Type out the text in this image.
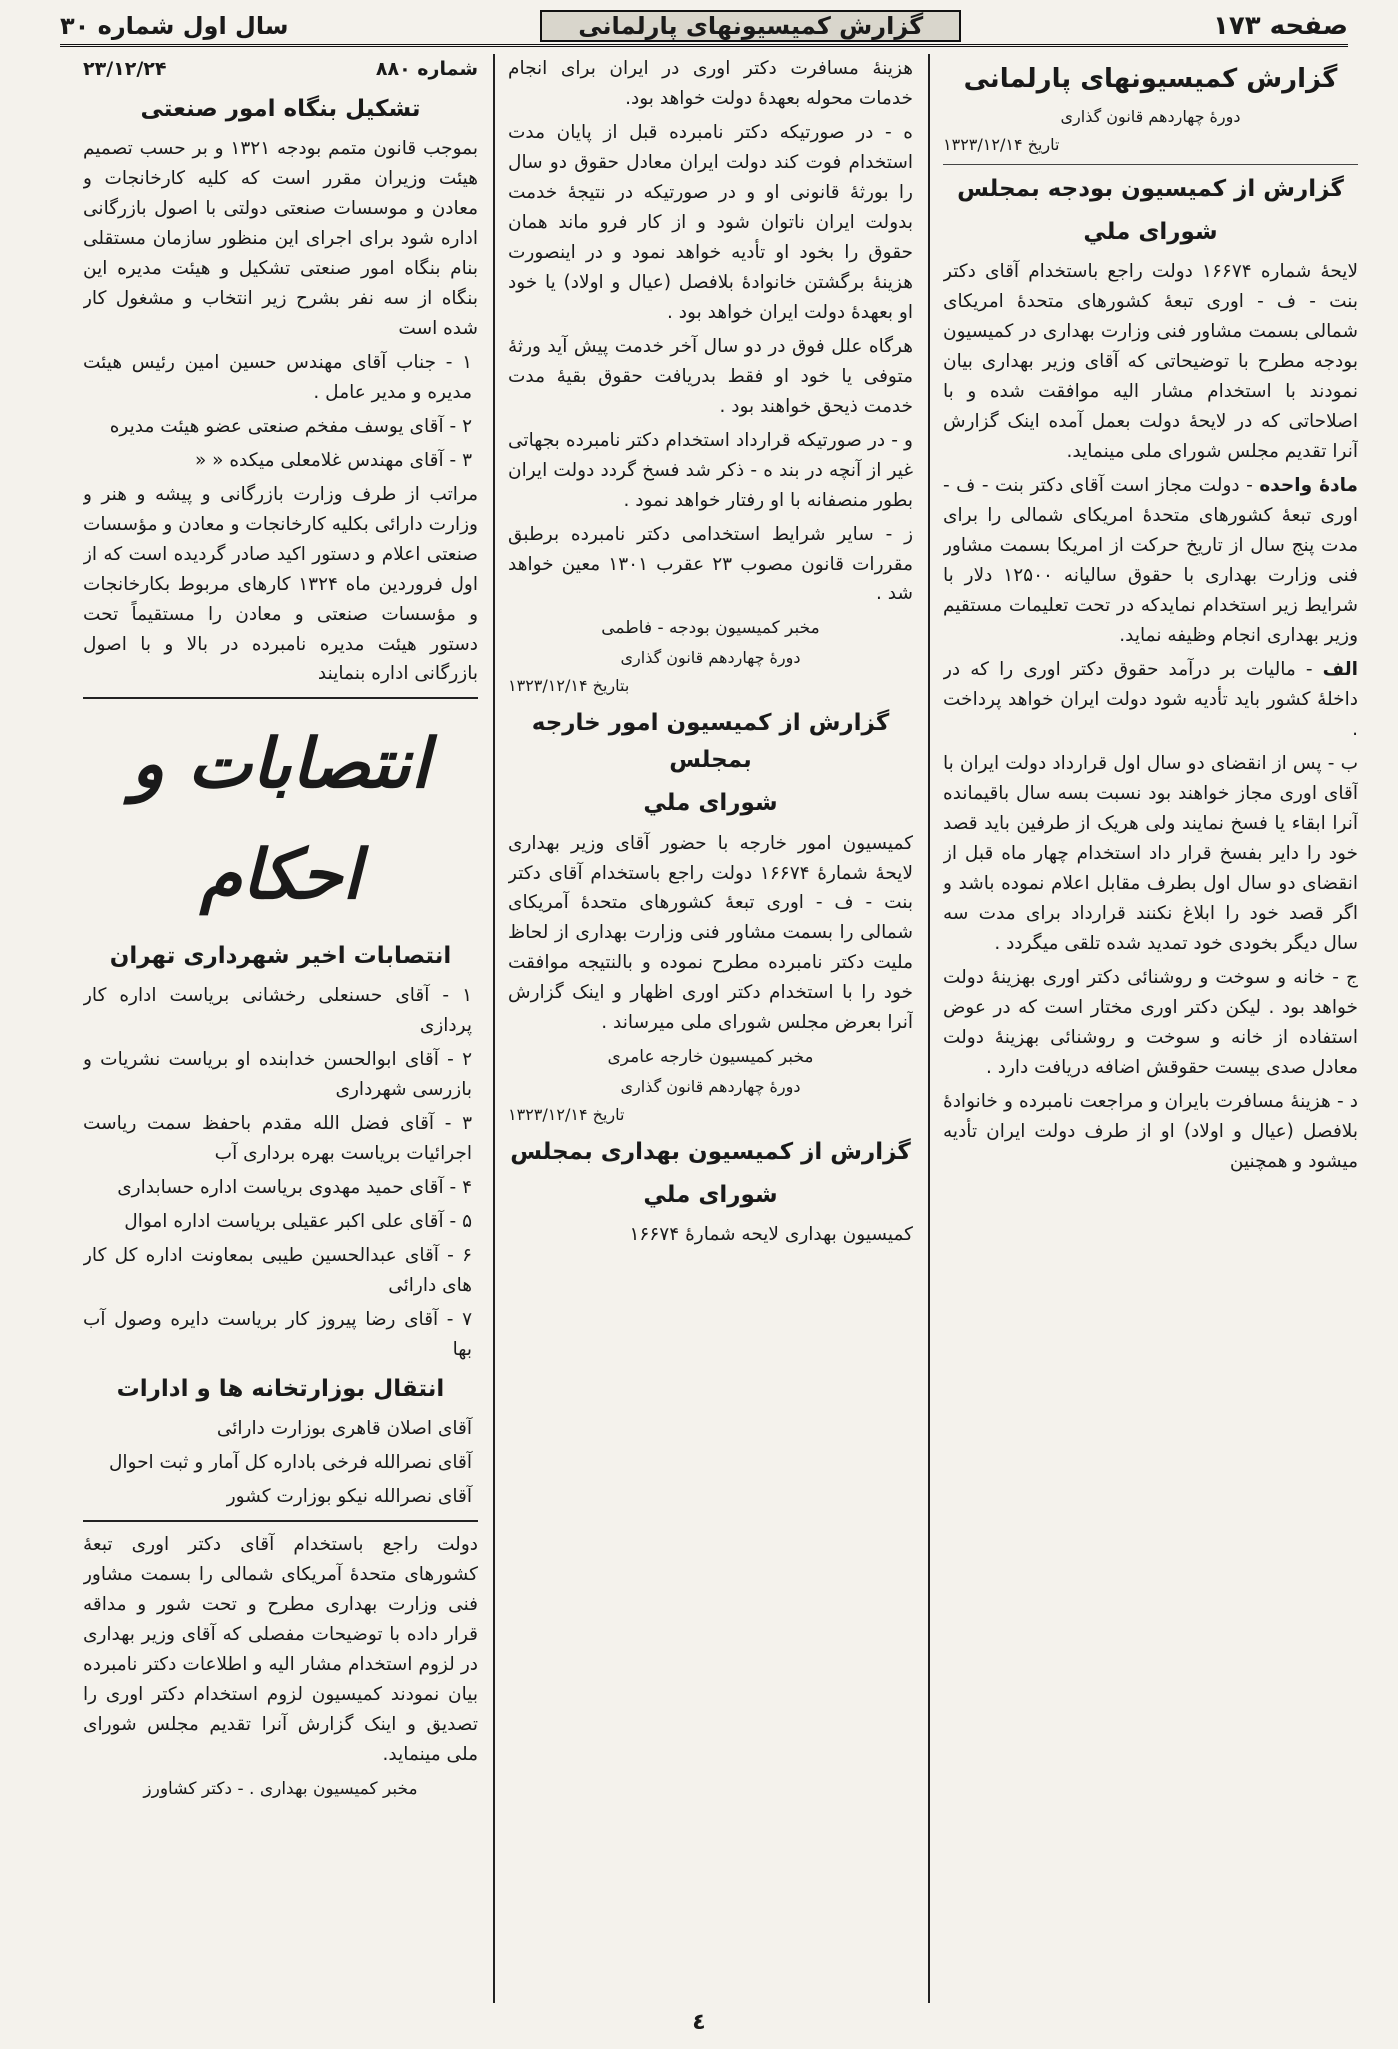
صفحه ۱۷۳
گزارش کمیسیونهای پارلمانی
سال اول شماره ۳۰
گزارش کمیسیونهای پارلمانی
دورهٔ چهاردهم قانون گذاری
تاریخ ۱۳۲۳/۱۲/۱۴
گزارش از کمیسیون بودجه بمجلس
شورای ملي

لایحهٔ شماره ۱۶۶۷۴ دولت راجع باستخدام آقای دکتر بنت - ف - اوری تبعهٔ کشورهای متحدهٔ امریکای شمالی بسمت مشاور فنی وزارت بهداری در کمیسیون بودجه مطرح با توضیحاتی که آقای وزیر بهداری بیان نمودند با استخدام مشار الیه موافقت شده و با اصلاحاتی که در لایحهٔ دولت بعمل آمده اینک گزارش آنرا تقدیم مجلس شورای ملی مینماید.

مادهٔ واحده - دولت مجاز است آقای دکتر بنت - ف - اوری تبعهٔ کشورهای متحدهٔ امریکای شمالی را برای مدت پنج سال از تاریخ حرکت از امریکا بسمت مشاور فنی وزارت بهداری با حقوق سالیانه ۱۲۵۰۰ دلار با شرایط زیر استخدام نمایدکه در تحت تعلیمات مستقیم وزیر بهداری انجام وظیفه نماید.

الف - مالیات بر درآمد حقوق دکتر اوری را که در داخلهٔ کشور باید تأدیه شود دولت ایران خواهد پرداخت .

ب - پس از انقضای دو سال اول قرارداد دولت ایران با آقای اوری مجاز خواهند بود نسبت بسه سال باقیمانده آنرا ابقاء یا فسخ نمایند ولی هریک از طرفین باید قصد خود را دایر بفسخ قرار داد استخدام چهار ماه قبل از انقضای دو سال اول بطرف مقابل اعلام نموده باشد و اگر قصد خود را ابلاغ نکنند قرارداد برای مدت سه سال دیگر بخودی خود تمدید شده تلقی میگردد .

ج - خانه و سوخت و روشنائی دکتر اوری بهزینهٔ دولت خواهد بود . لیکن دکتر اوری مختار است که در عوض استفاده از خانه و سوخت و روشنائی بهزینهٔ دولت معادل صدی بیست حقوقش اضافه دریافت دارد .

د - هزینهٔ مسافرت بایران و مراجعت نامبرده و خانوادهٔ بلافصل (عیال و اولاد) او از طرف دولت ایران تأدیه میشود و همچنین

هزینهٔ مسافرت دکتر اوری در ایران برای انجام خدمات محوله بعهدهٔ دولت خواهد بود.

ه - در صورتیکه دکتر نامبرده قبل از پایان مدت استخدام فوت کند دولت ایران معادل حقوق دو سال را بورثهٔ قانونی او و در صورتیکه در نتیجهٔ خدمت بدولت ایران ناتوان شود و از کار فرو ماند همان حقوق را بخود او تأدیه خواهد نمود و در اینصورت هزینهٔ برگشتن خانوادهٔ بلافصل (عیال و اولاد) یا خود او بعهدهٔ دولت ایران خواهد بود .

هرگاه علل فوق در دو سال آخر خدمت پیش آید ورثهٔ متوفی یا خود او فقط بدریافت حقوق بقیهٔ مدت خدمت ذیحق خواهند بود .

و - در صورتیکه قرارداد استخدام دکتر نامبرده بجهاتی غیر از آنچه در بند ه - ذکر شد فسخ گردد دولت ایران بطور منصفانه با او رفتار خواهد نمود .

ز - سایر شرایط استخدامی دکتر نامبرده برطبق مقررات قانون مصوب ۲۳ عقرب ۱۳۰۱ معین خواهد شد .

مخبر کمیسیون بودجه - فاطمی
دورهٔ چهاردهم قانون گذاری
بتاریخ ۱۳۲۳/۱۲/۱۴
گزارش از کمیسیون امور خارجه بمجلس
شورای ملي

کمیسیون امور خارجه با حضور آقای وزیر بهداری لایحهٔ شمارهٔ ۱۶۶۷۴ دولت راجع باستخدام آقای دکتر بنت - ف - اوری تبعهٔ کشورهای متحدهٔ آمریکای شمالی را بسمت مشاور فنی وزارت بهداری از لحاظ ملیت دکتر نامبرده مطرح نموده و بالنتیجه موافقت خود را با استخدام دکتر اوری اظهار و اینک گزارش آنرا بعرض مجلس شورای ملی میرساند .

مخبر کمیسیون خارجه عامری
دورهٔ چهاردهم قانون گذاری
تاریخ ۱۳۲۳/۱۲/۱۴
گزارش از کمیسیون بهداری بمجلس
شورای ملي

کمیسیون بهداری لایحه شمارهٔ ۱۶۶۷۴

شماره ۸۸۰
۲۳/۱۲/۲۴
تشکیل بنگاه امور صنعتی

بموجب قانون متمم بودجه ۱۳۲۱ و بر حسب تصمیم هیئت وزیران مقرر است که کلیه کارخانجات و معادن و موسسات صنعتی دولتی با اصول بازرگانی اداره شود برای اجرای این منظور سازمان مستقلی بنام بنگاه امور صنعتی تشکیل و هیئت مدیره این بنگاه از سه نفر بشرح زیر انتخاب و مشغول کار شده است

۱ - جناب آقای مهندس حسین امین رئیس هیئت مدیره و مدیر عامل .

۲ - آقای یوسف مفخم صنعتی عضو هیئت مدیره

۳ - آقای مهندس غلامعلی میکده « «

مراتب از طرف وزارت بازرگانی و پیشه و هنر و وزارت دارائی بکلیه کارخانجات و معادن و مؤسسات صنعتی اعلام و دستور اکید صادر گردیده است که از اول فروردین ماه ۱۳۲۴ کارهای مربوط بکارخانجات و مؤسسات صنعتی و معادن را مستقیماً تحت دستور هیئت مدیره نامبرده در بالا و با اصول بازرگانی اداره بنمایند

انتصابات و احکام
انتصابات اخیر شهرداری تهران

۱ - آقای حسنعلی رخشانی بریاست اداره کار پردازی

۲ - آقای ابوالحسن خدابنده او بریاست نشریات و بازرسی شهرداری

۳ - آقای فضل الله مقدم باحفظ سمت ریاست اجرائیات بریاست بهره برداری آب

۴ - آقای حمید مهدوی بریاست اداره حسابداری

۵ - آقای علی اکبر عقیلی بریاست اداره اموال

۶ - آقای عبدالحسین طیبی بمعاونت اداره کل کار های دارائی

۷ - آقای رضا پیروز کار بریاست دایره وصول آب بها

انتقال بوزارتخانه ها و ادارات

آقای اصلان قاهری بوزارت دارائی

آقای نصرالله فرخی باداره کل آمار و ثبت احوال

آقای نصرالله نیکو بوزارت کشور

دولت راجع باستخدام آقای دکتر اوری تبعهٔ کشورهای متحدهٔ آمریکای شمالی را بسمت مشاور فنی وزارت بهداری مطرح و تحت شور و مداقه قرار داده با توضیحات مفصلی که آقای وزیر بهداری در لزوم استخدام مشار الیه و اطلاعات دکتر نامبرده بیان نمودند کمیسیون لزوم استخدام دکتر اوری را تصدیق و اینک گزارش آنرا تقدیم مجلس شورای ملی مینماید.

مخبر کمیسیون بهداری . - دکتر کشاورز
٤
